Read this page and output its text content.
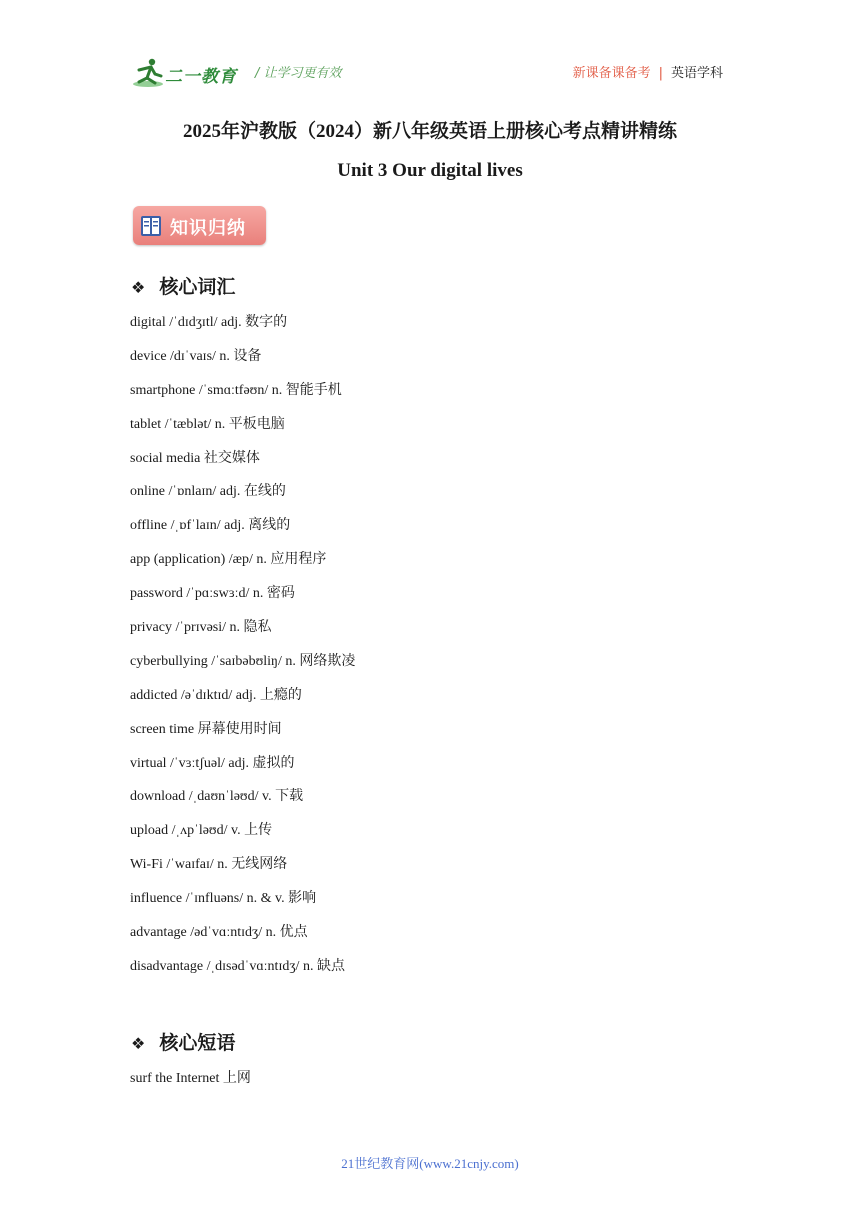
二一教育 / 让学习更有效	新课备课备考 | 英语学科
2025年沪教版（2024）新八年级英语上册核心考点精讲精练
Unit 3 Our digital lives
知识归纳
❖ 核心词汇
digital /ˈdɪdʒɪtl/ adj. 数字的
device /dɪˈvaɪs/ n. 设备
smartphone /ˈsmɑːtfəʊn/ n. 智能手机
tablet /ˈtæblət/ n. 平板电脑
social media 社交媒体
online /ˈɒnlaɪn/ adj. 在线的
offline /ˌɒfˈlaɪn/ adj. 离线的
app (application) /æp/ n. 应用程序
password /ˈpɑːswɜːd/ n. 密码
privacy /ˈprɪvəsi/ n. 隐私
cyberbullying /ˈsaɪbəbʊliŋ/ n. 网络欺凌
addicted /əˈdɪktɪd/ adj. 上瘾的
screen time 屏幕使用时间
virtual /ˈvɜːtʃuəl/ adj. 虚拟的
download /ˌdaʊnˈləʊd/ v. 下载
upload /ˌʌpˈləʊd/ v. 上传
Wi-Fi /ˈwaɪfaɪ/ n. 无线网络
influence /ˈɪnfluəns/ n. & v. 影响
advantage /ədˈvɑːntɪdʒ/ n. 优点
disadvantage /ˌdɪsədˈvɑːntɪdʒ/ n. 缺点
❖ 核心短语
surf the Internet 上网
21世纪教育网(www.21cnjy.com)
